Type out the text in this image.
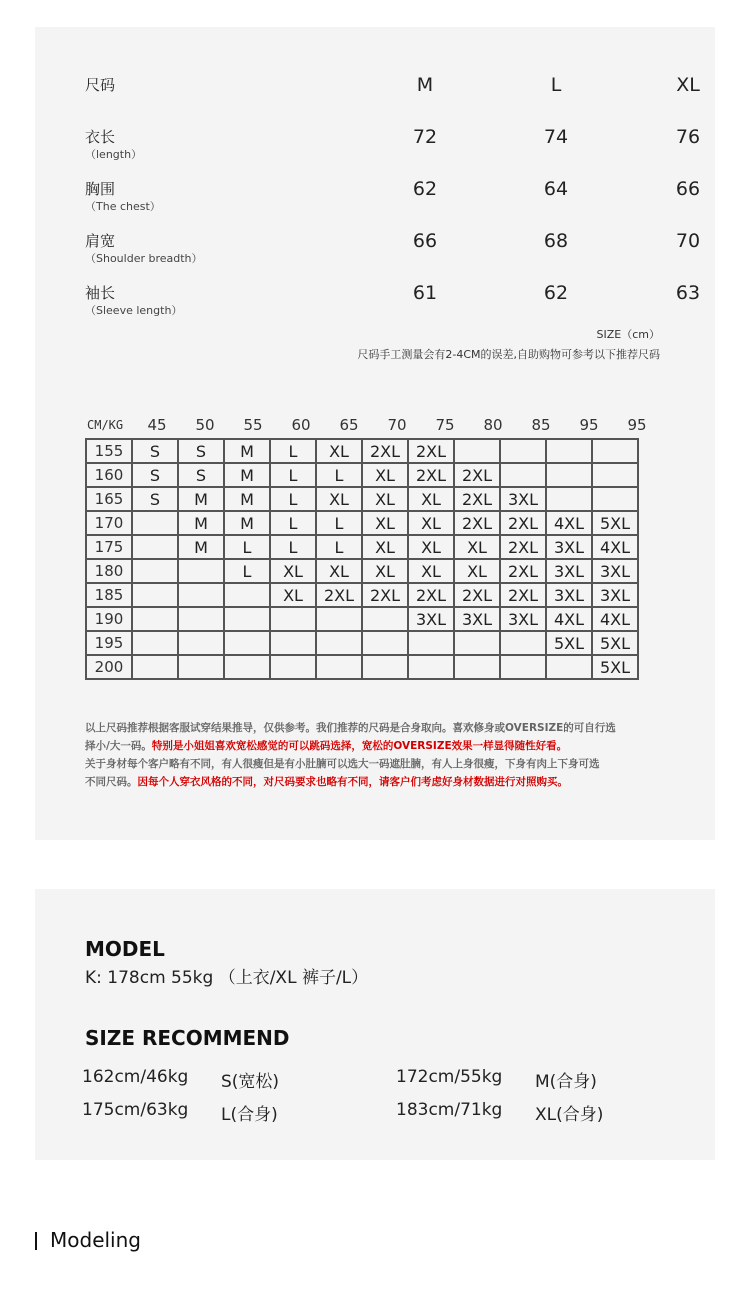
尺码	M	L	XL
衣长
（length）
72	74	76
胸围
（The chest）
62	64	66
肩宽
（Shoulder breadth）
66	68	70
袖长
（Sleeve length）
61	62	63
SIZE（cm）
尺码手工测量会有2-4CM的误差,自助购物可参考以下推荐尺码
CM/KG	45	50	55	60	65	70	75	80	85	95	95
155	S	S	M	L	XL	2XL	2XL				
160	S	S	M	L	L	XL	2XL	2XL			
165	S	M	M	L	XL	XL	XL	2XL	3XL		
170		M	M	L	L	XL	XL	2XL	2XL	4XL	5XL
175		M	L	L	L	XL	XL	XL	2XL	3XL	4XL
180			L	XL	XL	XL	XL	XL	2XL	3XL	3XL
185				XL	2XL	2XL	2XL	2XL	2XL	3XL	3XL
190							3XL	3XL	3XL	4XL	4XL
195										5XL	5XL
200											5XL
以上尺码推荐根据客服试穿结果推导，仅供参考。我们推荐的尺码是合身取向。喜欢修身或OVERSIZE的可自行选
择小/大一码。特别是小姐姐喜欢宽松感觉的可以跳码选择，宽松的OVERSIZE效果一样显得随性好看。
关于身材每个客户略有不同，有人很瘦但是有小肚腩可以选大一码遮肚腩，有人上身很瘦，下身有肉上下身可选
不同尺码。因每个人穿衣风格的不同，对尺码要求也略有不同，请客户们考虑好身材数据进行对照购买。
MODEL
K: 178cm 55kg （上衣/XL 裤子/L）
SIZE RECOMMEND
162cm/46kg S(宽松)	172cm/55kg M(合身)
175cm/63kg L(合身)	183cm/71kg XL(合身)
Modeling
